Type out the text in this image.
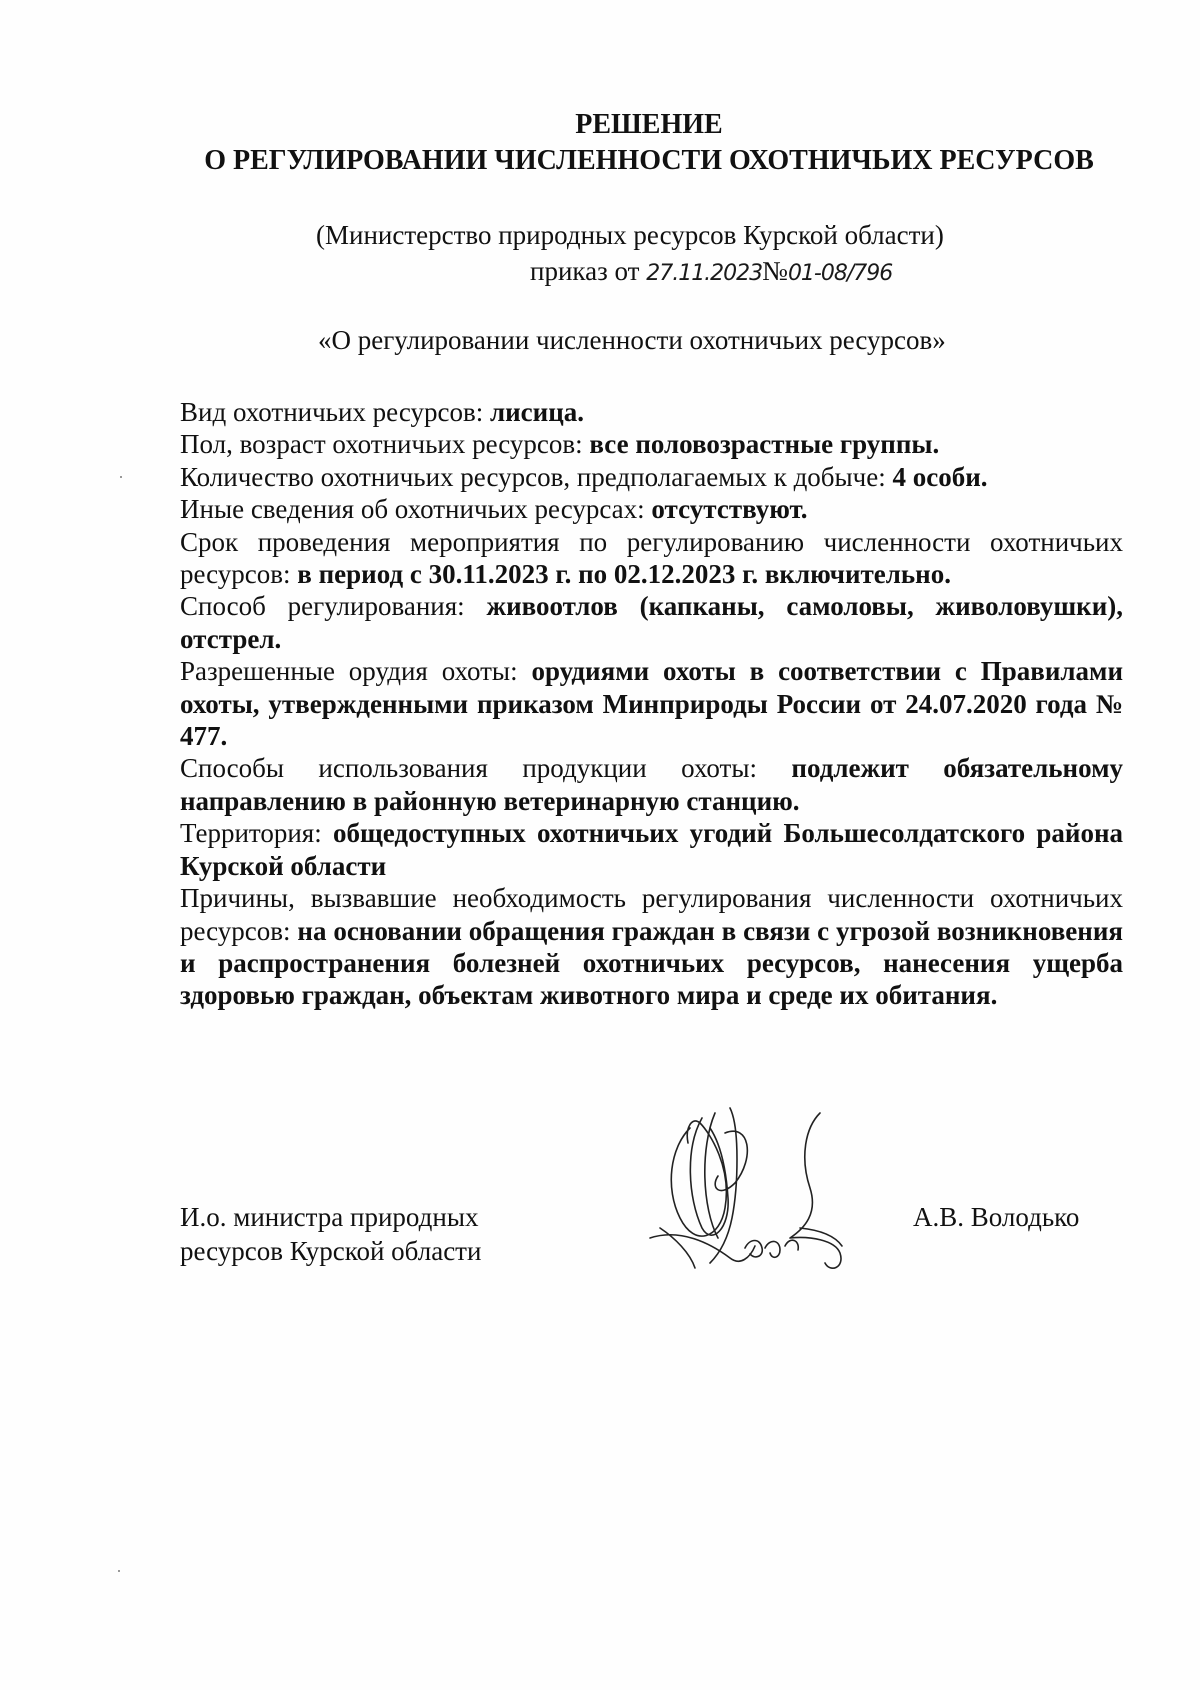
РЕШЕНИЕ
О РЕГУЛИРОВАНИИ ЧИСЛЕННОСТИ ОХОТНИЧЬИХ РЕСУРСОВ
(Министерство природных ресурсов Курской области)
приказ от 27.11.2023№01-08/796
«О регулировании численности охотничьих ресурсов»

Вид охотничьих ресурсов: лисица.

Пол, возраст охотничьих ресурсов: все половозрастные группы.

Количество охотничьих ресурсов, предполагаемых к добыче: 4 особи.

Иные сведения об охотничьих ресурсах: отсутствуют.

Срок проведения мероприятия по регулированию численности охотничьих ресурсов: в период с 30.11.2023 г. по 02.12.2023 г. включительно.

Способ регулирования: живоотлов (капканы, самоловы, живоловушки), отстрел.

Разрешенные орудия охоты: орудиями охоты в соответствии с Правилами охоты, утвержденными приказом Минприроды России от 24.07.2020 года № 477.

Способы использования продукции охоты: подлежит обязательному направлению в районную ветеринарную станцию.

Территория: общедоступных охотничьих угодий Большесолдатского района Курской области

Причины, вызвавшие необходимость регулирования численности охотничьих ресурсов: на основании обращения граждан в связи с угрозой возникновения и распространения болезней охотничьих ресурсов, нанесения ущерба здоровью граждан, объектам животного мира и среде их обитания.

И.о. министра природных
ресурсов Курской области
А.В. Володько
